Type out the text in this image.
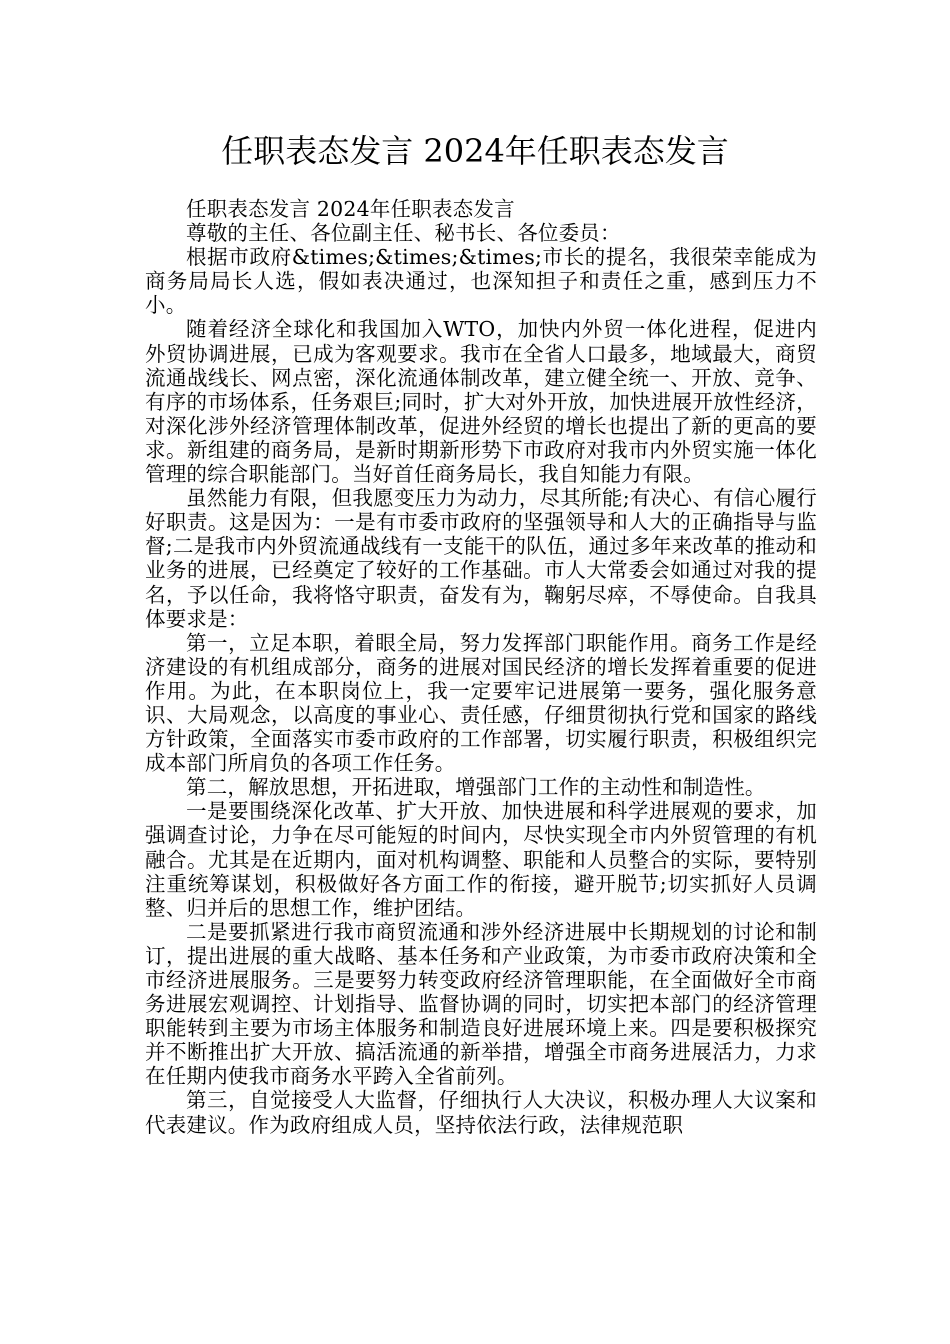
任职表态发言 2024年任职表态发言

任职表态发言 2024年任职表态发言

尊敬的主任、各位副主任、秘书长、各位委员：

根据市政府&times;&times;&times;市长的提名，我很荣幸能成为商务局局长人选，假如表决通过，也深知担子和责任之重，感到压力不小。

随着经济全球化和我国加入WTO，加快内外贸一体化进程，促进内外贸协调进展，已成为客观要求。我市在全省人口最多，地域最大，商贸流通战线长、网点密，深化流通体制改革，建立健全统一、开放、竞争、有序的市场体系，任务艰巨;同时，扩大对外开放，加快进展开放性经济，对深化涉外经济管理体制改革，促进外经贸的增长也提出了新的更高的要求。新组建的商务局，是新时期新形势下市政府对我市内外贸实施一体化管理的综合职能部门。当好首任商务局长，我自知能力有限。

虽然能力有限，但我愿变压力为动力，尽其所能;有决心、有信心履行好职责。这是因为：一是有市委市政府的坚强领导和人大的正确指导与监督;二是我市内外贸流通战线有一支能干的队伍，通过多年来改革的推动和业务的进展，已经奠定了较好的工作基础。市人大常委会如通过对我的提名，予以任命，我将恪守职责，奋发有为，鞠躬尽瘁，不辱使命。自我具体要求是：

第一，立足本职，着眼全局，努力发挥部门职能作用。商务工作是经济建设的有机组成部分，商务的进展对国民经济的增长发挥着重要的促进作用。为此，在本职岗位上，我一定要牢记进展第一要务，强化服务意识、大局观念，以高度的事业心、责任感，仔细贯彻执行党和国家的路线方针政策，全面落实市委市政府的工作部署，切实履行职责，积极组织完成本部门所肩负的各项工作任务。

第二，解放思想，开拓进取，增强部门工作的主动性和制造性。

一是要围绕深化改革、扩大开放、加快进展和科学进展观的要求，加强调查讨论，力争在尽可能短的时间内，尽快实现全市内外贸管理的有机融合。尤其是在近期内，面对机构调整、职能和人员整合的实际，要特别注重统筹谋划，积极做好各方面工作的衔接，避开脱节;切实抓好人员调整、归并后的思想工作，维护团结。

二是要抓紧进行我市商贸流通和涉外经济进展中长期规划的讨论和制订，提出进展的重大战略、基本任务和产业政策，为市委市政府决策和全市经济进展服务。三是要努力转变政府经济管理职能，在全面做好全市商务进展宏观调控、计划指导、监督协调的同时，切实把本部门的经济管理职能转到主要为市场主体服务和制造良好进展环境上来。四是要积极探究并不断推出扩大开放、搞活流通的新举措，增强全市商务进展活力，力求在任期内使我市商务水平跨入全省前列。

第三，自觉接受人大监督，仔细执行人大决议，积极办理人大议案和代表建议。作为政府组成人员，坚持依法行政，法律规范职
